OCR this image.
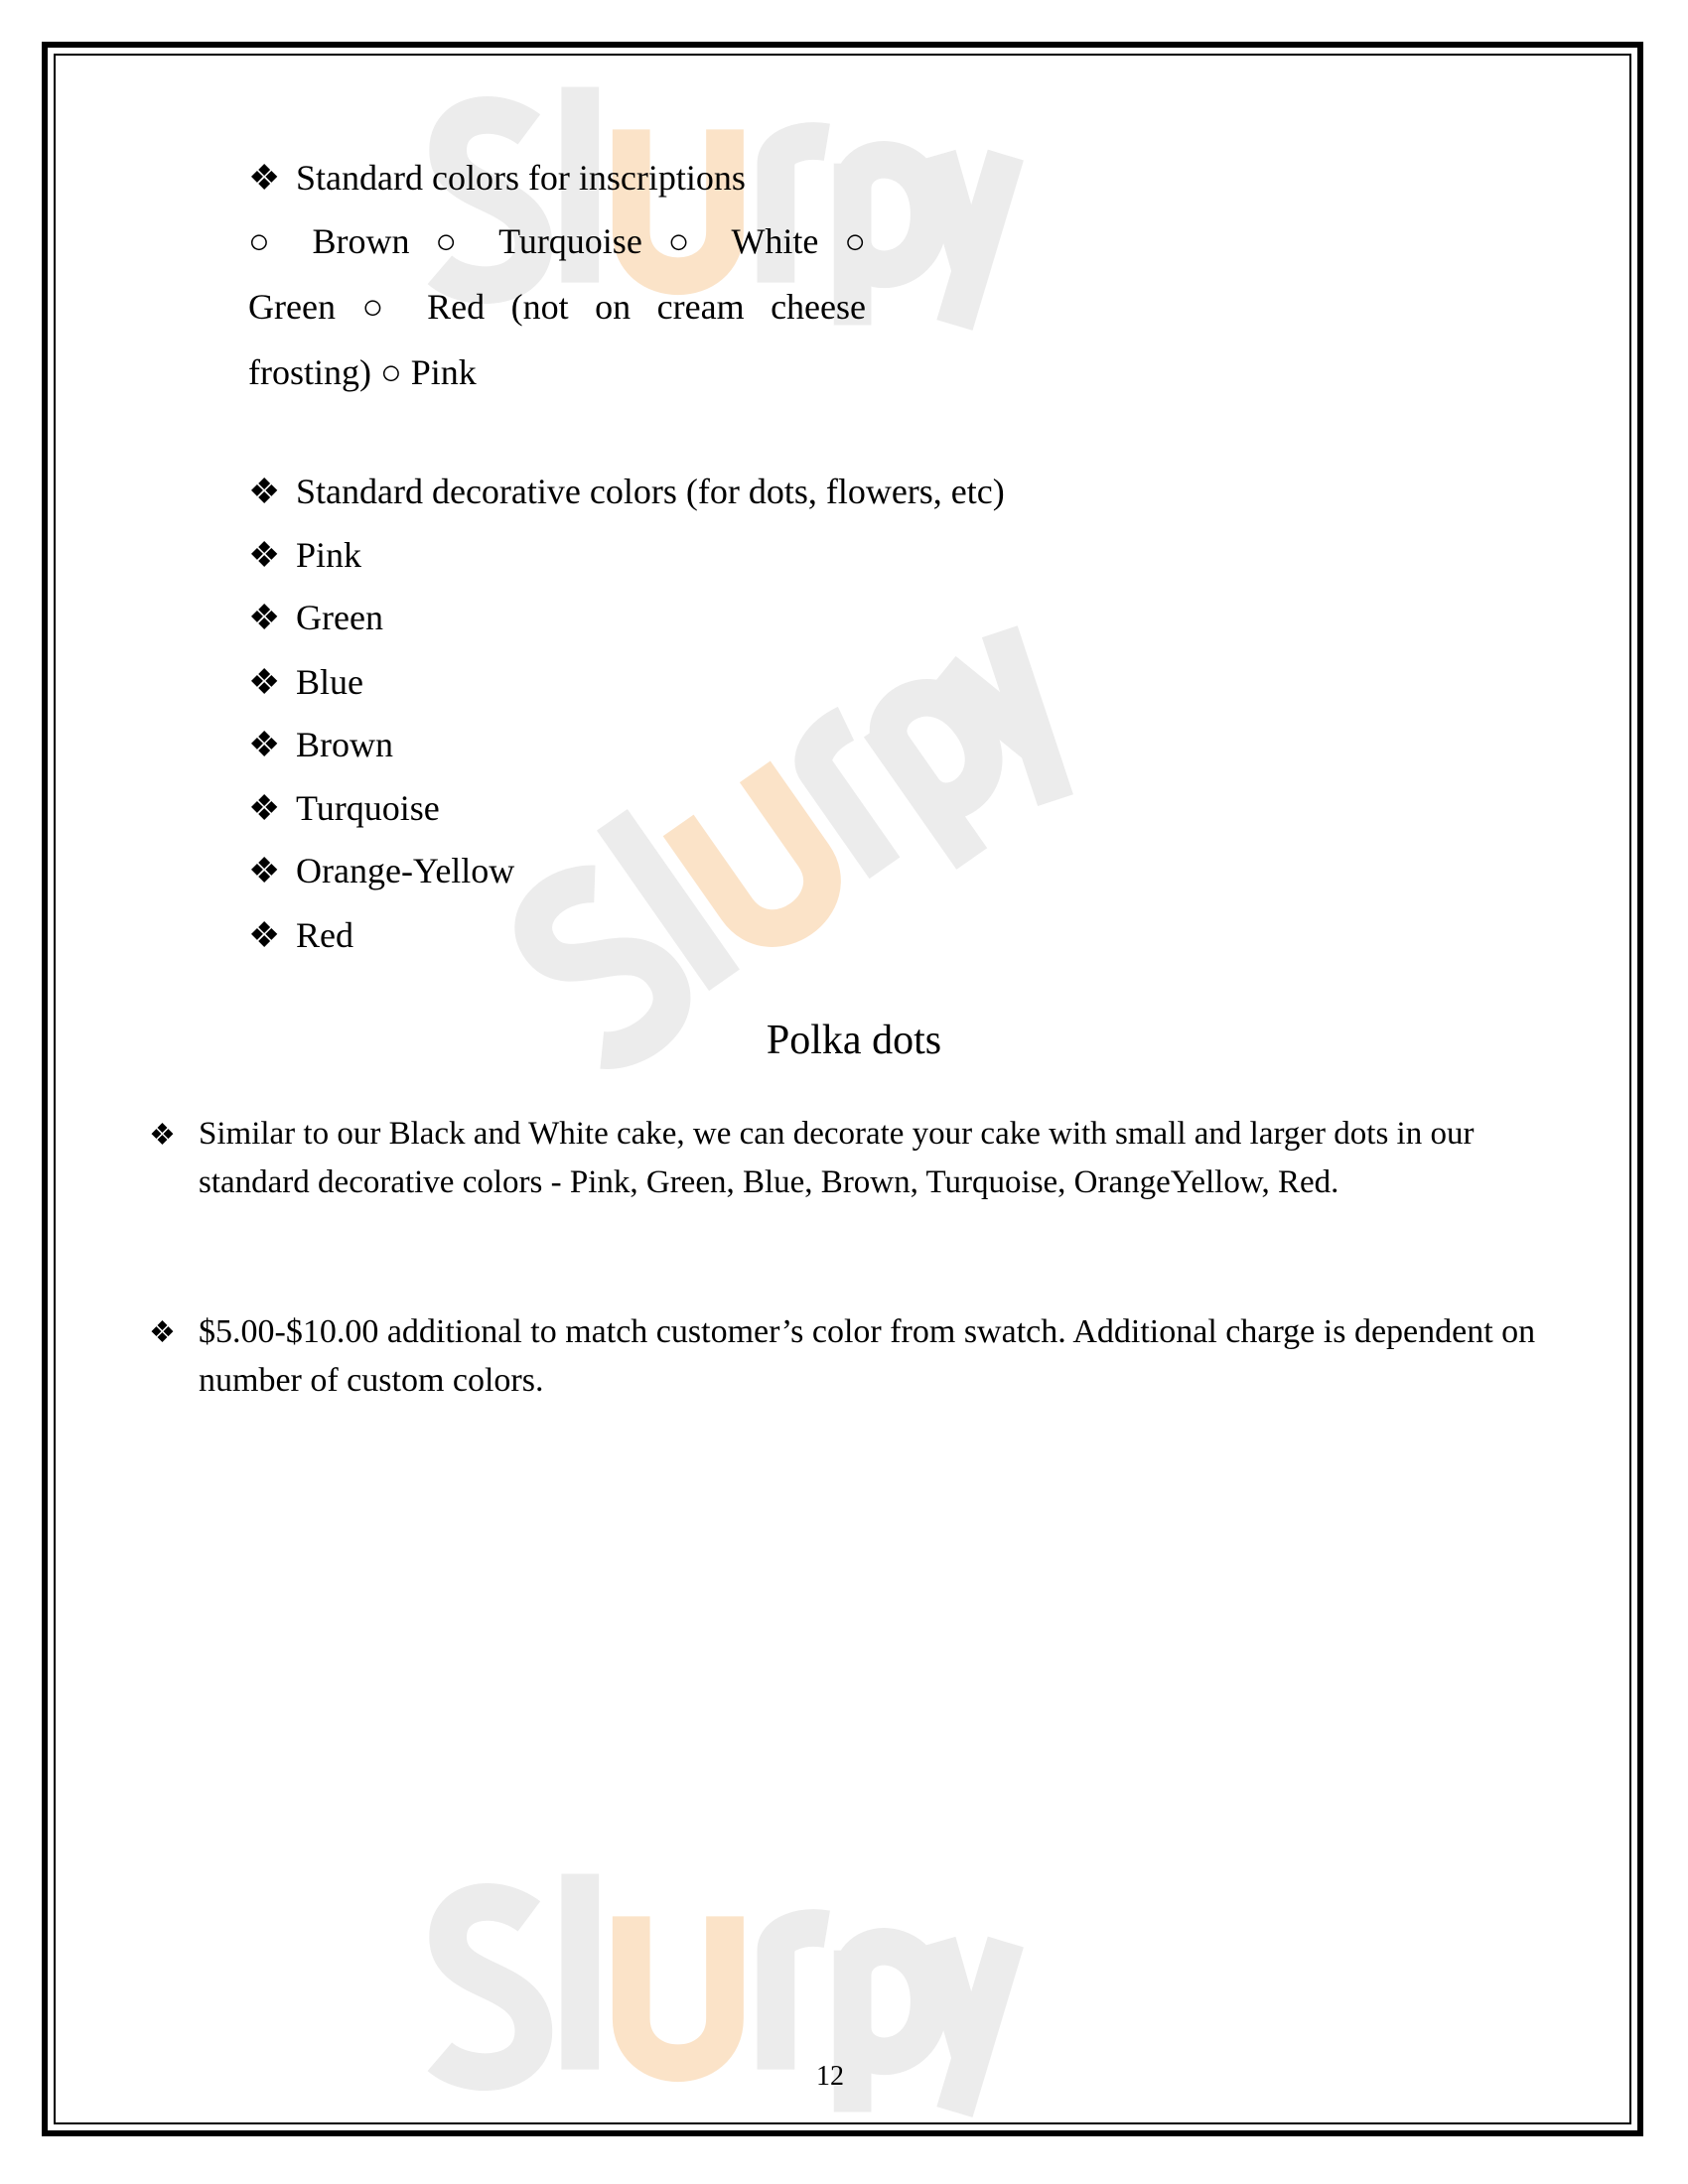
❖ Standard colors for inscriptions
○ Brown ○ Turquoise ○ White ○
Green ○ Red (not on cream cheese
frosting) ○ Pink
❖ Standard decorative colors (for dots, flowers, etc)
❖ Pink
❖ Green
❖ Blue
❖ Brown
❖ Turquoise
❖ Orange-Yellow
❖ Red
Polka dots
❖ Similar to our Black and White cake, we can decorate your cake with small and larger dots in our standard decorative colors - Pink, Green, Blue, Brown, Turquoise, OrangeYellow, Red.
❖ $5.00-$10.00 additional to match customer’s color from swatch. Additional charge is dependent on number of custom colors.
12
